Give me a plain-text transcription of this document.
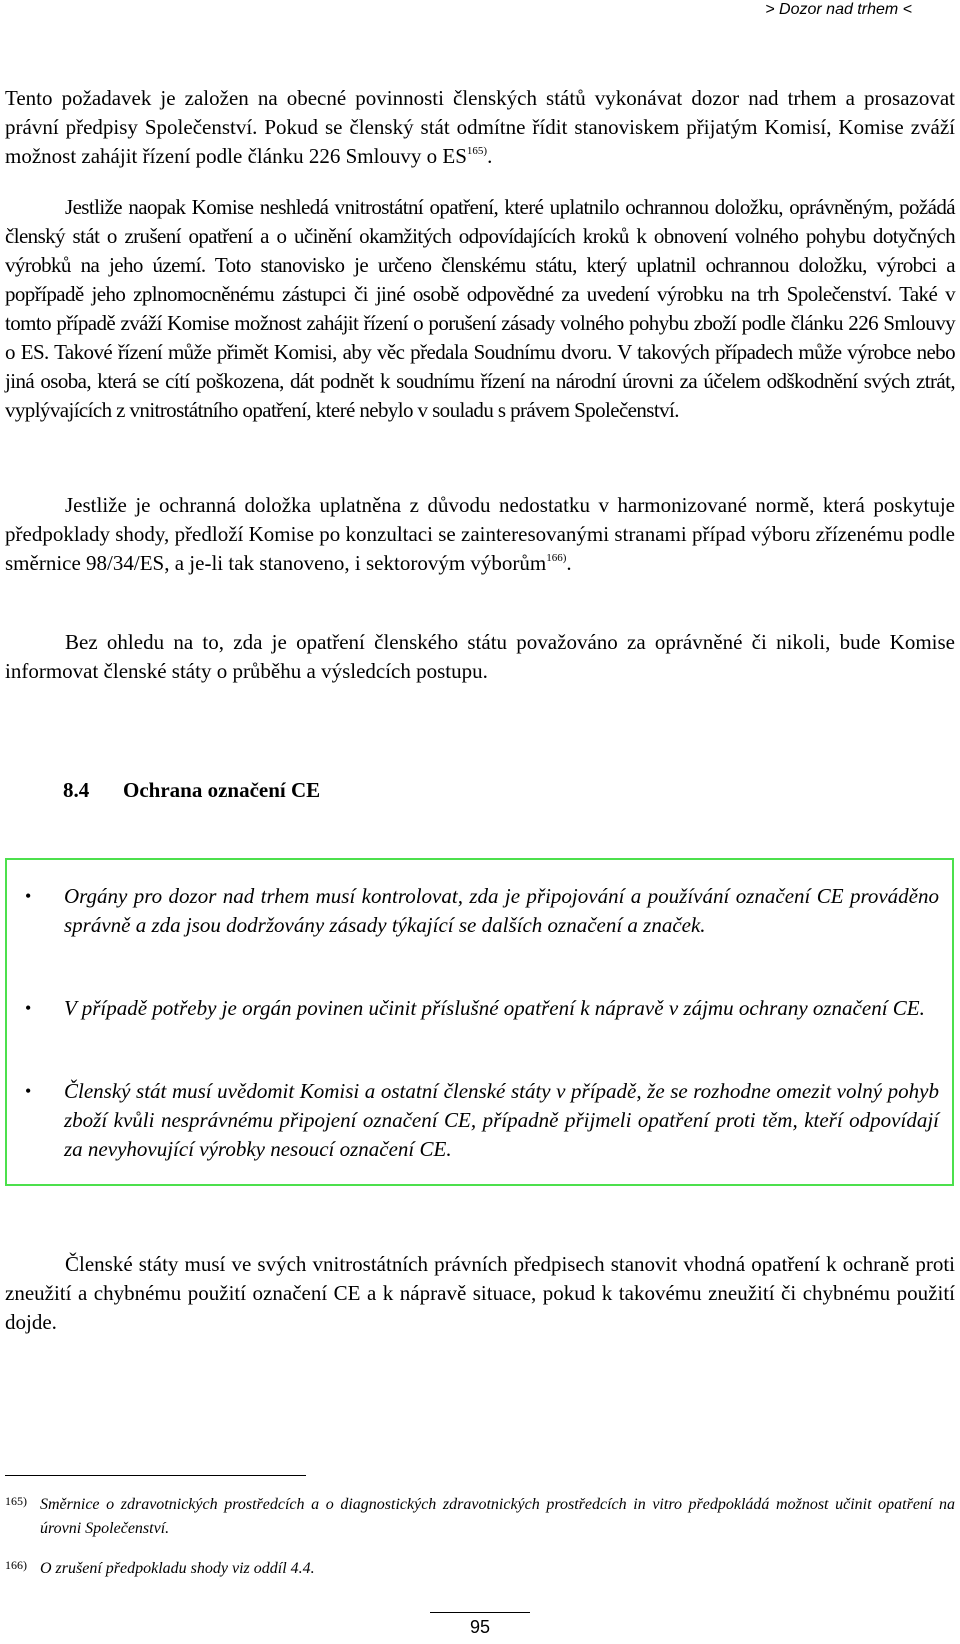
> Dozor nad trhem <

Tento požadavek je založen na obecné povinnosti členských států vykonávat dozor nad trhem a prosazovat právní předpisy Společenství. Pokud se členský stát odmítne řídit stanoviskem přijatým Komisí, Komise zváží možnost zahájit řízení podle článku 226 Smlouvy o ES$^{165)}$.

Jestliže naopak Komise neshledá vnitrostátní opatření, které uplatnilo ochrannou doložku, oprávněným, požádá členský stát o zrušení opatření a o učinění okamžitých odpovídajících kroků k obnovení volného pohybu dotyčných výrobků na jeho území. Toto stanovisko je určeno členskému státu, který uplatnil ochrannou doložku, výrobci a popřípadě jeho zplnomocněnému zástupci či jiné osobě odpovědné za uvedení výrobku na trh Společenství. Také v tomto případě zváží Komise možnost zahájit řízení o porušení zásady volného pohybu zboží podle článku 226 Smlouvy o ES. Takové řízení může přimět Komisi, aby věc předala Soudnímu dvoru. V takových případech může výrobce nebo jiná osoba, která se cítí poškozena, dát podnět k soudnímu řízení na národní úrovni za účelem odškodnění svých ztrát, vyplývajících z vnitrostátního opatření, které nebylo v souladu s právem Společenství.

Jestliže je ochranná doložka uplatněna z důvodu nedostatku v harmonizované normě, která poskytuje předpoklady shody, předloží Komise po konzultaci se zainteresovanými stranami případ výboru zřízenému podle směrnice 98/34/ES, a je-li tak stanoveno, i sektorovým výborům$^{166)}$.

Bez ohledu na to, zda je opatření členského státu považováno za oprávněné či nikoli, bude Komise informovat členské státy o průběhu a výsledcích postupu.

8.4 Ochrana označení CE
• Orgány pro dozor nad trhem musí kontrolovat, zda je připojování a používání označení CE prováděno správně a zda jsou dodržovány zásady týkající se dalších označení a značek.
• V případě potřeby je orgán povinen učinit příslušné opatření k nápravě v zájmu ochrany označení CE.
• Členský stát musí uvědomit Komisi a ostatní členské státy v případě, že se rozhodne omezit volný pohyb zboží kvůli nesprávnému připojení označení CE, případně přijmeli opatření proti těm, kteří odpovídají za nevyhovující výrobky nesoucí označení CE.

Členské státy musí ve svých vnitrostátních právních předpisech stanovit vhodná opatření k ochraně proti zneužití a chybnému použití označení CE a k nápravě situace, pokud k takovému zneužití či chybnému použití dojde.

165) Směrnice o zdravotnických prostředcích a o diagnostických zdravotnických prostředcích in vitro předpokládá možnost učinit opatření na úrovni Společenství.
166) O zrušení předpokladu shody viz oddíl 4.4.
95
